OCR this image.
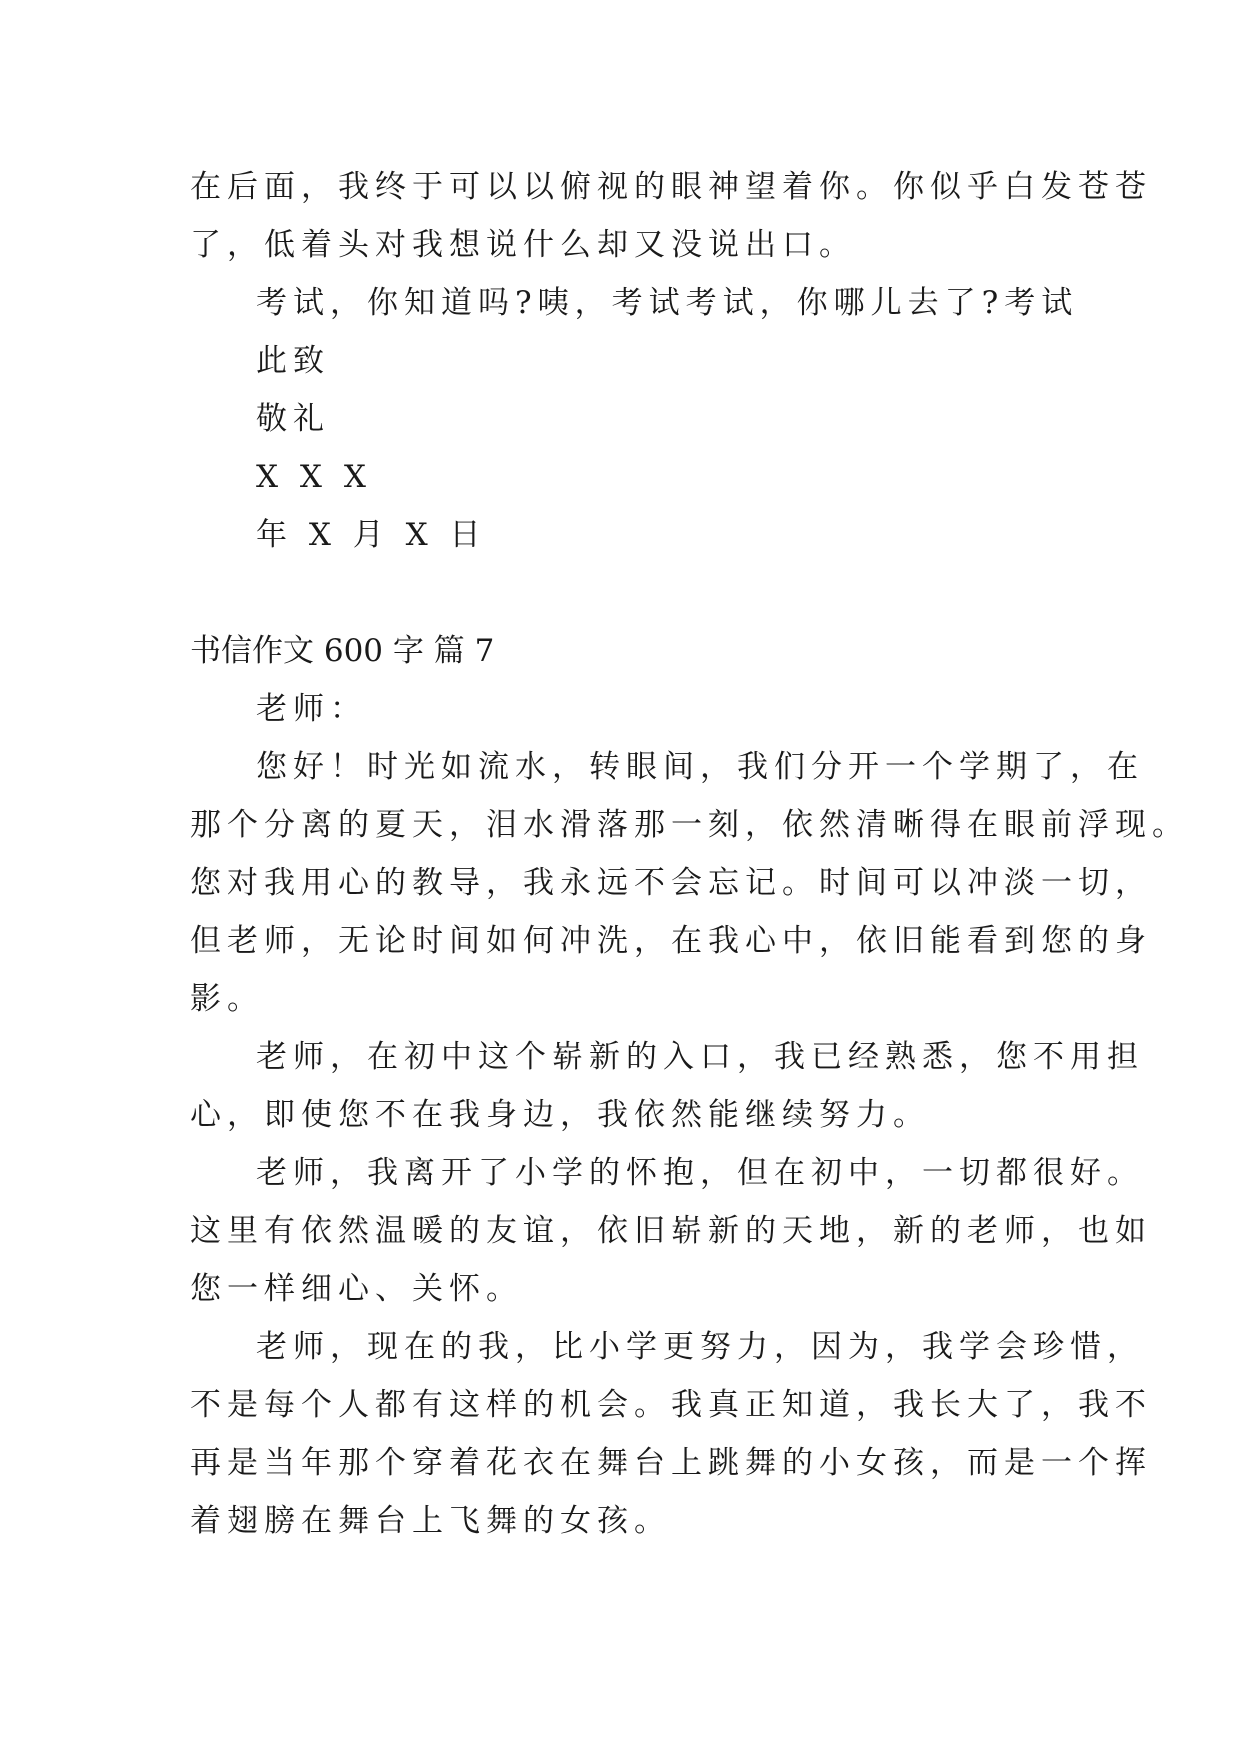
在后面，我终于可以以俯视的眼神望着你。你似乎白发苍苍
了，低着头对我想说什么却又没说出口。
考试，你知道吗?咦，考试考试，你哪儿去了?考试
此致
敬礼
X X X
年 X 月 X 日
书信作文 600 字 篇 7
老师：
您好！时光如流水，转眼间，我们分开一个学期了，在
那个分离的夏天，泪水滑落那一刻，依然清晰得在眼前浮现。
您对我用心的教导，我永远不会忘记。时间可以冲淡一切，
但老师，无论时间如何冲洗，在我心中，依旧能看到您的身
影。
老师，在初中这个崭新的入口，我已经熟悉，您不用担
心，即使您不在我身边，我依然能继续努力。
老师，我离开了小学的怀抱，但在初中，一切都很好。
这里有依然温暖的友谊，依旧崭新的天地，新的老师，也如
您一样细心、关怀。
老师，现在的我，比小学更努力，因为，我学会珍惜，
不是每个人都有这样的机会。我真正知道，我长大了，我不
再是当年那个穿着花衣在舞台上跳舞的小女孩，而是一个挥
着翅膀在舞台上飞舞的女孩。
